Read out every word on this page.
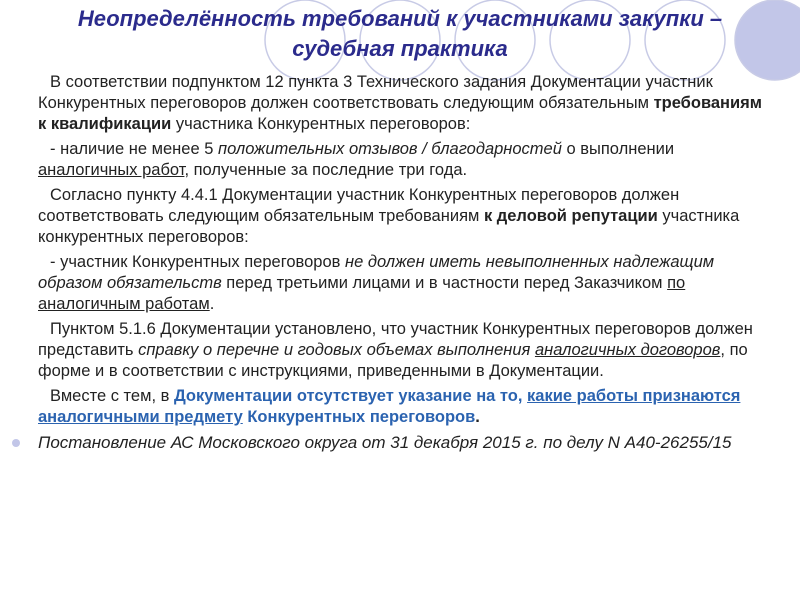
Неопределённость требований к участниками закупки –
судебная практика

В соответствии подпунктом 12 пункта 3 Технического задания Документации участник Конкурентных переговоров должен соответствовать следующим обязательным требованиям к квалификации участника Конкурентных переговоров:

- наличие не менее 5 положительных отзывов / благодарностей о выполнении аналогичных работ, полученные за последние три года.

Согласно пункту 4.4.1 Документации участник Конкурентных переговоров должен соответствовать следующим обязательным требованиям к деловой репутации участника конкурентных переговоров:

- участник Конкурентных переговоров не должен иметь невыполненных надлежащим образом обязательств перед третьими лицами и в частности перед Заказчиком по аналогичным работам.

Пунктом 5.1.6 Документации установлено, что участник Конкурентных переговоров должен представить справку о перечне и годовых объемах выполнения аналогичных договоров, по форме и в соответствии с инструкциями, приведенными в Документации.

Вместе с тем, в Документации отсутствует указание на то, какие работы признаются аналогичными предмету Конкурентных переговоров.

Постановление АС Московского округа от 31 декабря 2015 г. по делу N А40-26255/15
